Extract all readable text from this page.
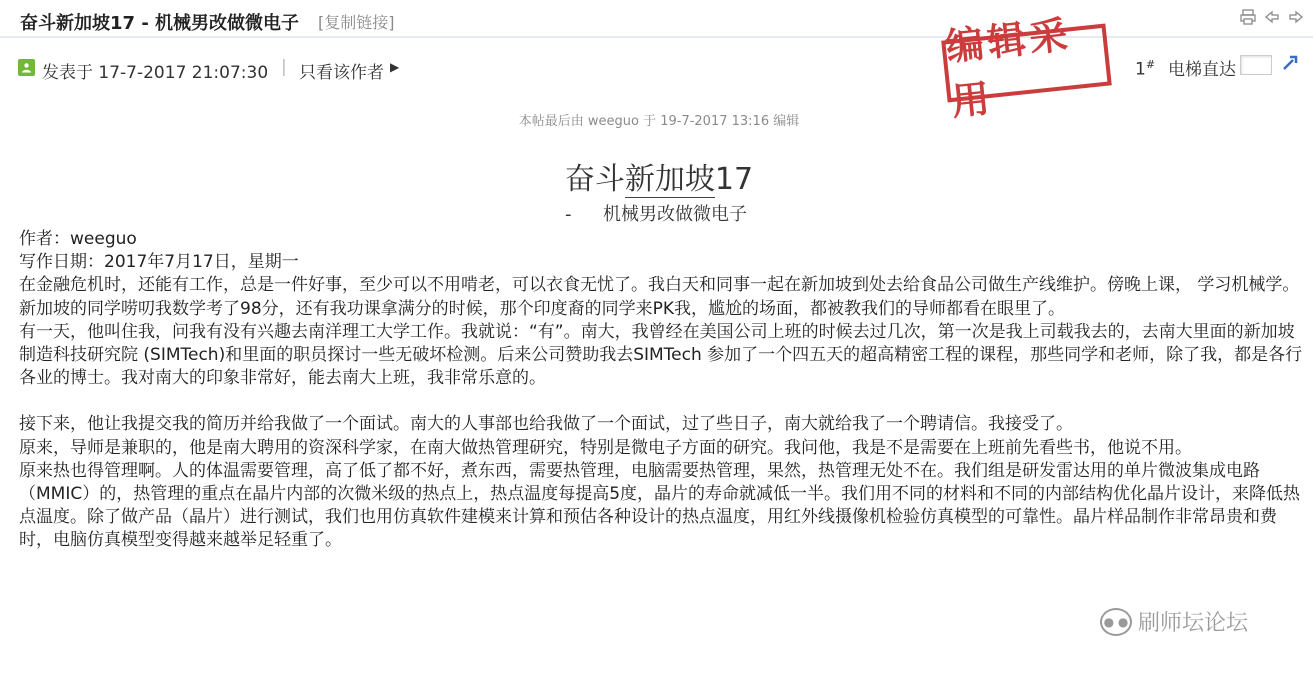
奋斗新加坡17 - 机械男改做微电子 [复制链接]
发表于 17-7-2017 21:07:30 | 只看该作者 ▶	编辑采用
1# 电梯直达
本帖最后由 weeguo 于 19-7-2017 13:16 编辑
奋斗新加坡17
- 机械男改做微电子

作者：weeguo

写作日期：2017年7月17日，星期一

在金融危机时，还能有工作，总是一件好事，至少可以不用啃老，可以衣食无忧了。我白天和同事一起在新加坡到处去给食品公司做生产线维护。傍晚上课， 学习机械学。

新加坡的同学唠叨我数学考了98分，还有我功课拿满分的时候，那个印度裔的同学来PK我，尴尬的场面，都被教我们的导师都看在眼里了。

有一天，他叫住我，问我有没有兴趣去南洋理工大学工作。我就说：“有”。南大，我曾经在美国公司上班的时候去过几次，第一次是我上司载我去的，去南大里面的新加坡制造科技研究院 (SIMTech)和里面的职员探讨一些无破坏检测。后来公司赞助我去SIMTech 参加了一个四五天的超高精密工程的课程，那些同学和老师，除了我，都是各行各业的博士。我对南大的印象非常好，能去南大上班，我非常乐意的。

接下来，他让我提交我的简历并给我做了一个面试。南大的人事部也给我做了一个面试，过了些日子，南大就给我了一个聘请信。我接受了。

原来，导师是兼职的，他是南大聘用的资深科学家，在南大做热管理研究，特别是微电子方面的研究。我问他，我是不是需要在上班前先看些书，他说不用。

原来热也得管理啊。人的体温需要管理，高了低了都不好，煮东西，需要热管理，电脑需要热管理，果然，热管理无处不在。我们组是研发雷达用的单片微波集成电路（MMIC）的，热管理的重点在晶片内部的次微米级的热点上，热点温度每提高5度，晶片的寿命就减低一半。我们用不同的材料和不同的内部结构优化晶片设计，来降低热点温度。除了做产品（晶片）进行测试，我们也用仿真软件建模来计算和预估各种设计的热点温度，用红外线摄像机检验仿真模型的可靠性。晶片样品制作非常昂贵和费时，电脑仿真模型变得越来越举足轻重了。

● ● 刷师坛论坛
